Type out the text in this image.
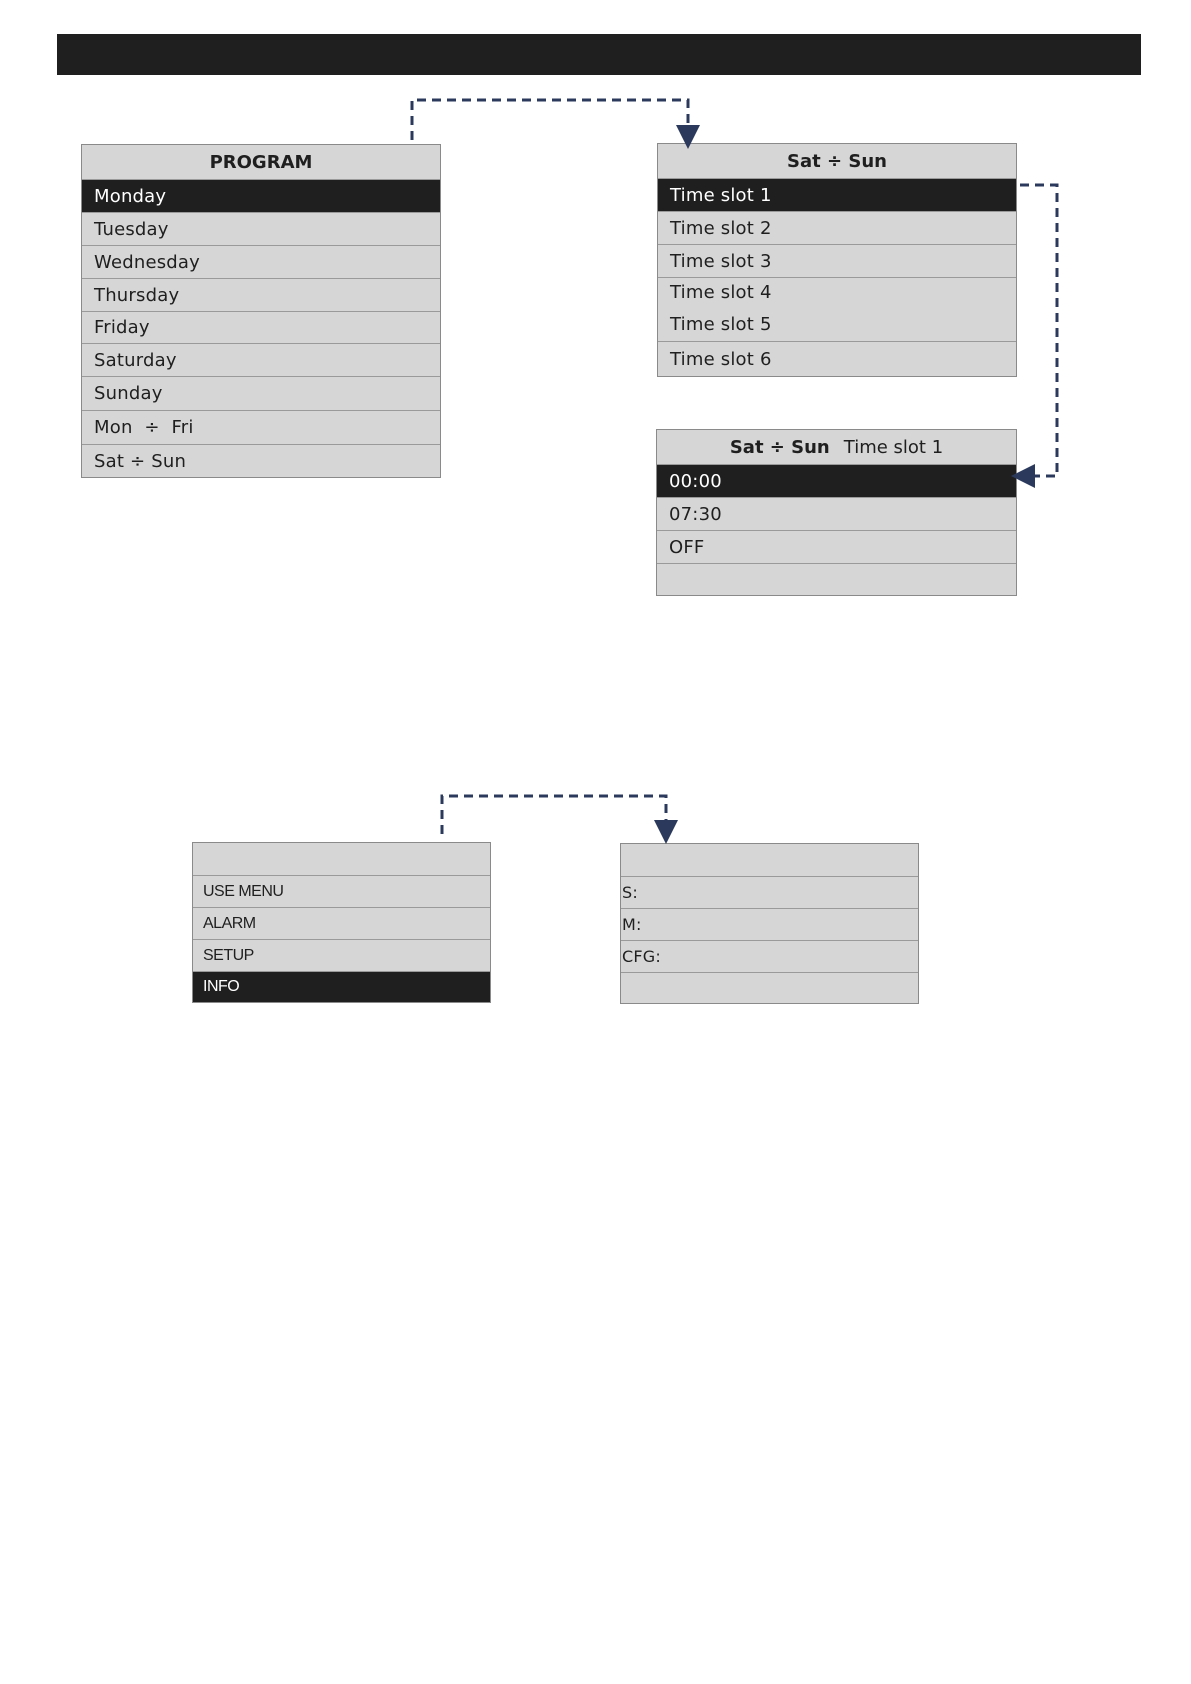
PROGRAM
Monday
Tuesday
Wednesday
Thursday
Friday
Saturday
Sunday
Mon  ÷  Fri
Sat ÷ Sun
Sat ÷ Sun
Time slot 1
Time slot 2
Time slot 3
Time slot 4
Time slot 5
Time slot 6
Sat ÷ Sun Time slot 1
00:00
07:30
OFF
USE MENU
ALARM
SETUP
INFO
S:
M:
CFG:
